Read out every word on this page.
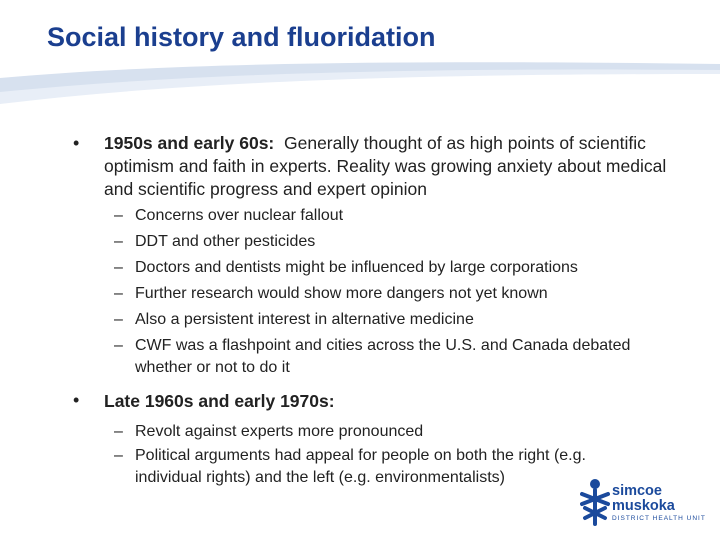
Social history and fluoridation
• 1950s and early 60s: Generally thought of as high points of scientific optimism and faith in experts. Reality was growing anxiety about medical and scientific progress and expert opinion
– Concerns over nuclear fallout
– DDT and other pesticides
– Doctors and dentists might be influenced by large corporations
– Further research would show more dangers not yet known
– Also a persistent interest in alternative medicine
– CWF was a flashpoint and cities across the U.S. and Canada debated whether or not to do it
• Late 1960s and early 1970s:
– Revolt against experts more pronounced
– Political arguments had appeal for people on both the right (e.g. individual rights) and the left (e.g. environmentalists)
simcoe
muskoka
DISTRICT HEALTH UNIT
